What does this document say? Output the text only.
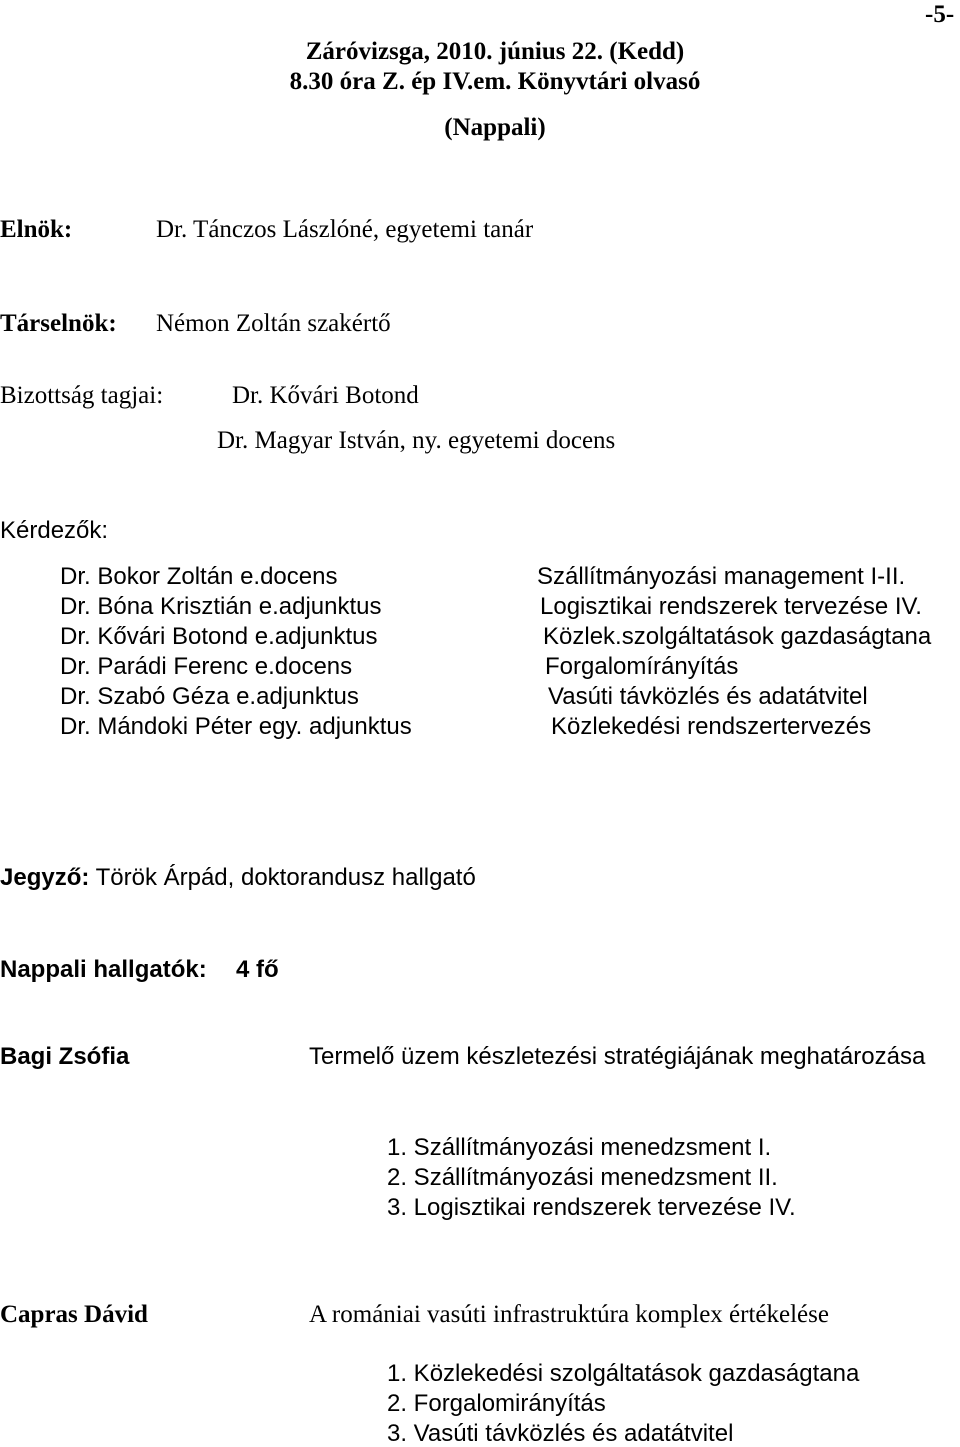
-5-
Záróvizsga, 2010. június 22. (Kedd)
8.30 óra Z. ép IV.em. Könyvtári olvasó
(Nappali)
Elnök:	Dr. Tánczos Lászlóné, egyetemi tanár
Társelnök: Némon Zoltán szakértő
Bizottság tagjai:	Dr. Kővári Botond
Dr. Magyar István, ny. egyetemi docens
Kérdezők:
Dr. Bokor Zoltán e.docens	Szállítmányozási management I-II.
Dr. Bóna Krisztián e.adjunktus	Logisztikai rendszerek tervezése IV.
Dr. Kővári Botond e.adjunktus	Közlek.szolgáltatások gazdaságtana
Dr. Parádi Ferenc e.docens	Forgalomírányítás
Dr. Szabó Géza e.adjunktus	Vasúti távközlés és adatátvitel
Dr. Mándoki Péter egy. adjunktus	Közlekedési rendszertervezés
Jegyző: Török Árpád, doktorandusz hallgató
Nappali hallgatók: 4 fő
Bagi Zsófia	Termelő üzem készletezési stratégiájának meghatározása
1. Szállítmányozási menedzsment I.
2. Szállítmányozási menedzsment II.
3. Logisztikai rendszerek tervezése IV.
Capras Dávid	A romániai vasúti infrastruktúra komplex értékelése
1. Közlekedési szolgáltatások gazdaságtana
2. Forgalomirányítás
3. Vasúti távközlés és adatátvitel
